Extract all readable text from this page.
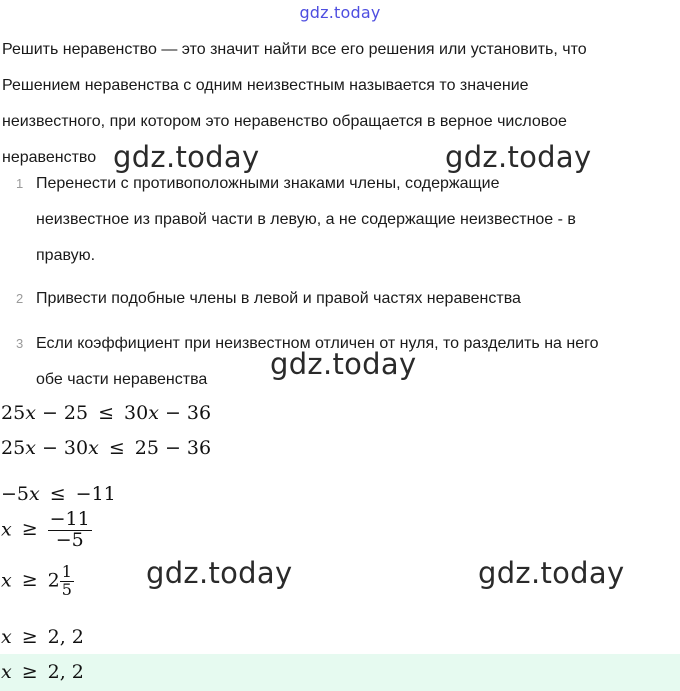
gdz.today
Решить неравенство — это значит найти все его решения или установить, что
Решением неравенства с одним неизвестным называется то значение
неизвестного, при котором это неравенство обращается в верное числовое
неравенство
1 Перенести с противоположными знаками члены, содержащие
неизвестное из правой части в левую, а не содержащие неизвестное - в
правую.
2 Привести подобные члены в левой и правой частях неравенства
3 Если коэффициент при неизвестном отличен от нуля, то разделить на него
обе части неравенства
25x − 25 ≤ 30x − 36
25x − 30x ≤ 25 − 36
−5x ≤ −11
$x \ge \frac{-11}{-5}$
$x \ge 2 \frac{1}{5}$
x ≥ 2, 2
x ≥ 2, 2
gdz.today	gdz.today
gdz.today
gdz.today	gdz.today
